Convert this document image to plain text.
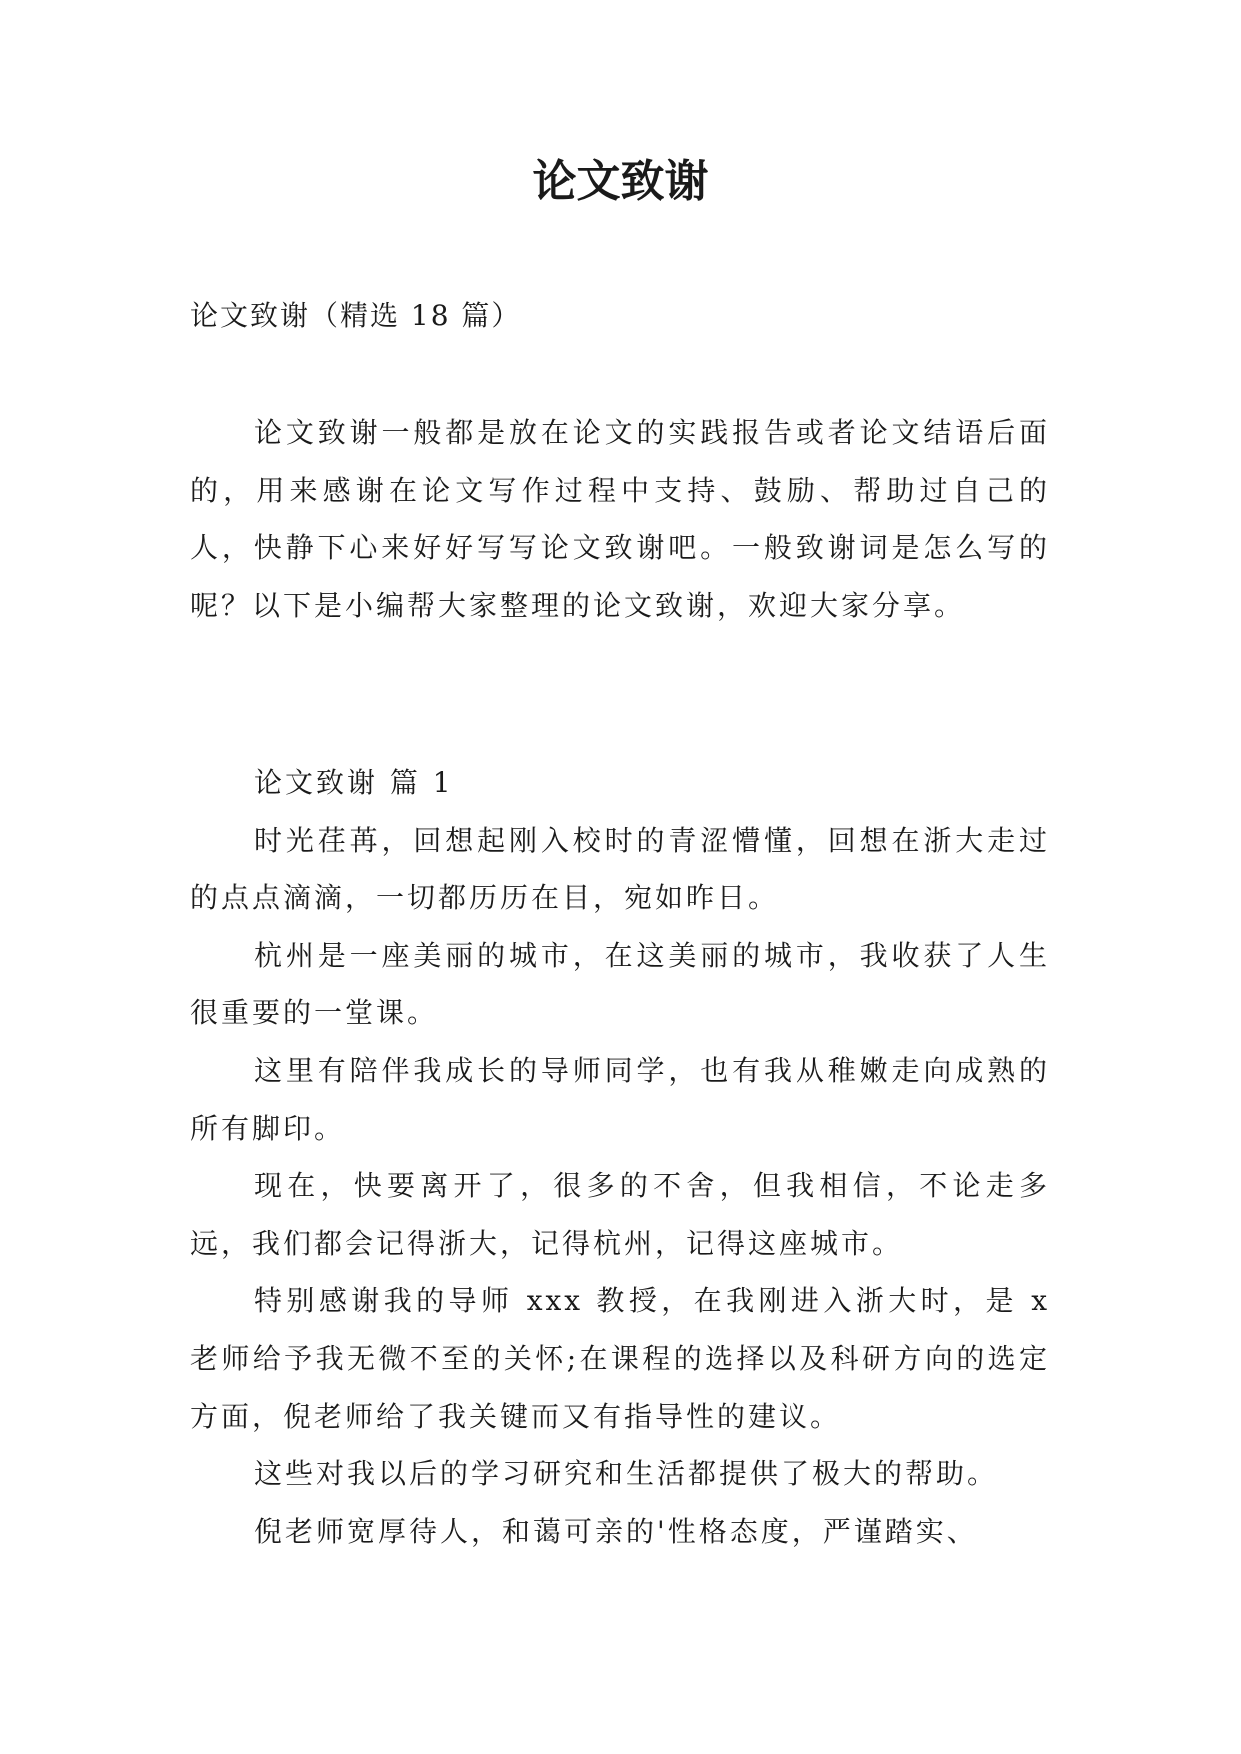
论文致谢

论文致谢（精选 18 篇）

论文致谢一般都是放在论文的实践报告或者论文结语后面的，用来感谢在论文写作过程中支持、鼓励、帮助过自己的人，快静下心来好好写写论文致谢吧。一般致谢词是怎么写的呢？以下是小编帮大家整理的论文致谢，欢迎大家分享。

论文致谢 篇 1

时光荏苒，回想起刚入校时的青涩懵懂，回想在浙大走过的点点滴滴，一切都历历在目，宛如昨日。

杭州是一座美丽的城市，在这美丽的城市，我收获了人生很重要的一堂课。

这里有陪伴我成长的导师同学，也有我从稚嫩走向成熟的所有脚印。

现在，快要离开了，很多的不舍，但我相信，不论走多远，我们都会记得浙大，记得杭州，记得这座城市。

特别感谢我的导师 xxx 教授，在我刚进入浙大时，是 x 老师给予我无微不至的关怀;在课程的选择以及科研方向的选定方面，倪老师给了我关键而又有指导性的建议。

这些对我以后的学习研究和生活都提供了极大的帮助。

倪老师宽厚待人，和蔼可亲的'性格态度，严谨踏实、
